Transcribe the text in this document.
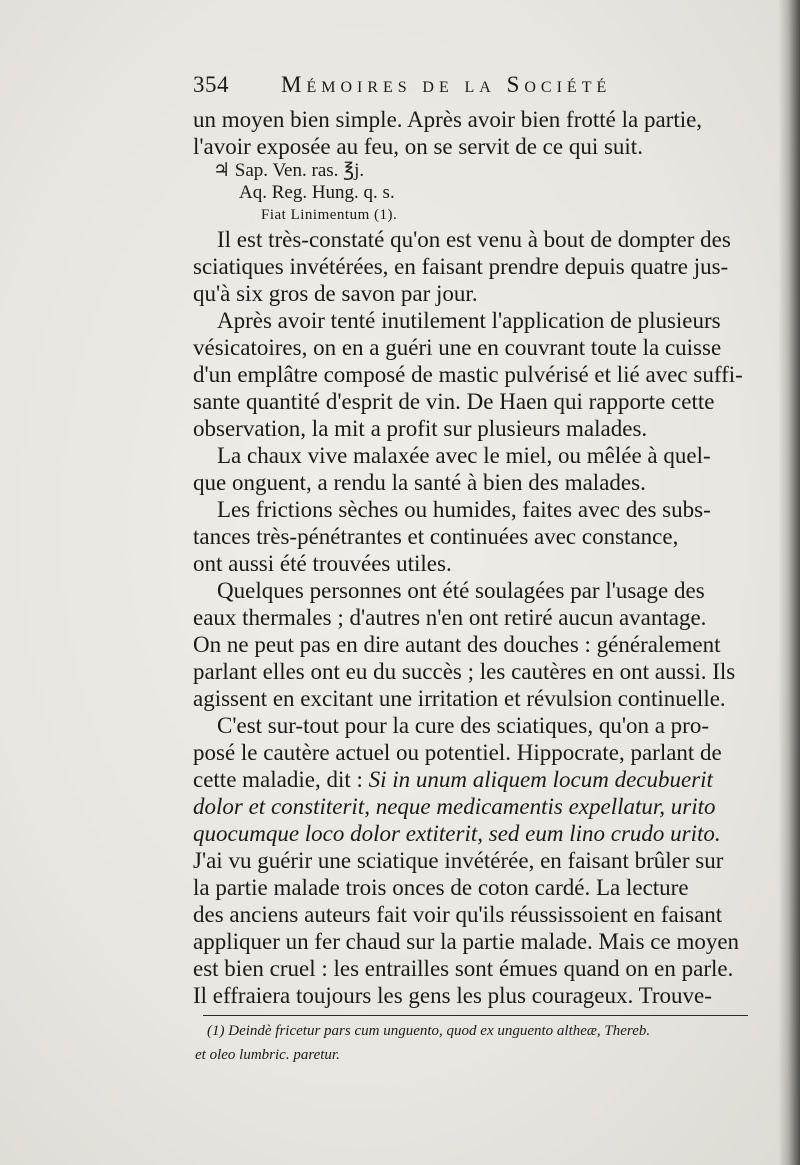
354	Mémoires de la Société
un moyen bien simple. Après avoir bien frotté la partie,
l'avoir exposée au feu, on se servit de ce qui suit.
♃ Sap. Ven. ras. ℥j.
Aq. Reg. Hung. q. s.
Fiat Linimentum (1).
Il est très-constaté qu'on est venu à bout de dompter des
sciatiques invétérées, en faisant prendre depuis quatre jus-
qu'à six gros de savon par jour.
Après avoir tenté inutilement l'application de plusieurs
vésicatoires, on en a guéri une en couvrant toute la cuisse
d'un emplâtre composé de mastic pulvérisé et lié avec suffi-
sante quantité d'esprit de vin. De Haen qui rapporte cette
observation, la mit a profit sur plusieurs malades.
La chaux vive malaxée avec le miel, ou mêlée à quel-
que onguent, a rendu la santé à bien des malades.
Les frictions sèches ou humides, faites avec des subs-
tances très-pénétrantes et continuées avec constance,
ont aussi été trouvées utiles.
Quelques personnes ont été soulagées par l'usage des
eaux thermales ; d'autres n'en ont retiré aucun avantage.
On ne peut pas en dire autant des douches : généralement
parlant elles ont eu du succès ; les cautères en ont aussi. Ils
agissent en excitant une irritation et révulsion continuelle.
C'est sur-tout pour la cure des sciatiques, qu'on a pro-
posé le cautère actuel ou potentiel. Hippocrate, parlant de
cette maladie, dit : Si in unum aliquem locum decubuerit
dolor et constiterit, neque medicamentis expellatur, urito
quocumque loco dolor extiterit, sed eum lino crudo urito.
J'ai vu guérir une sciatique invétérée, en faisant brûler sur
la partie malade trois onces de coton cardé. La lecture
des anciens auteurs fait voir qu'ils réussissoient en faisant
appliquer un fer chaud sur la partie malade. Mais ce moyen
est bien cruel : les entrailles sont émues quand on en parle.
Il effraiera toujours les gens les plus courageux. Trouve-
(1) Deindè fricetur pars cum unguento, quod ex unguento altheæ, Thereb.
et oleo lumbric. paretur.
